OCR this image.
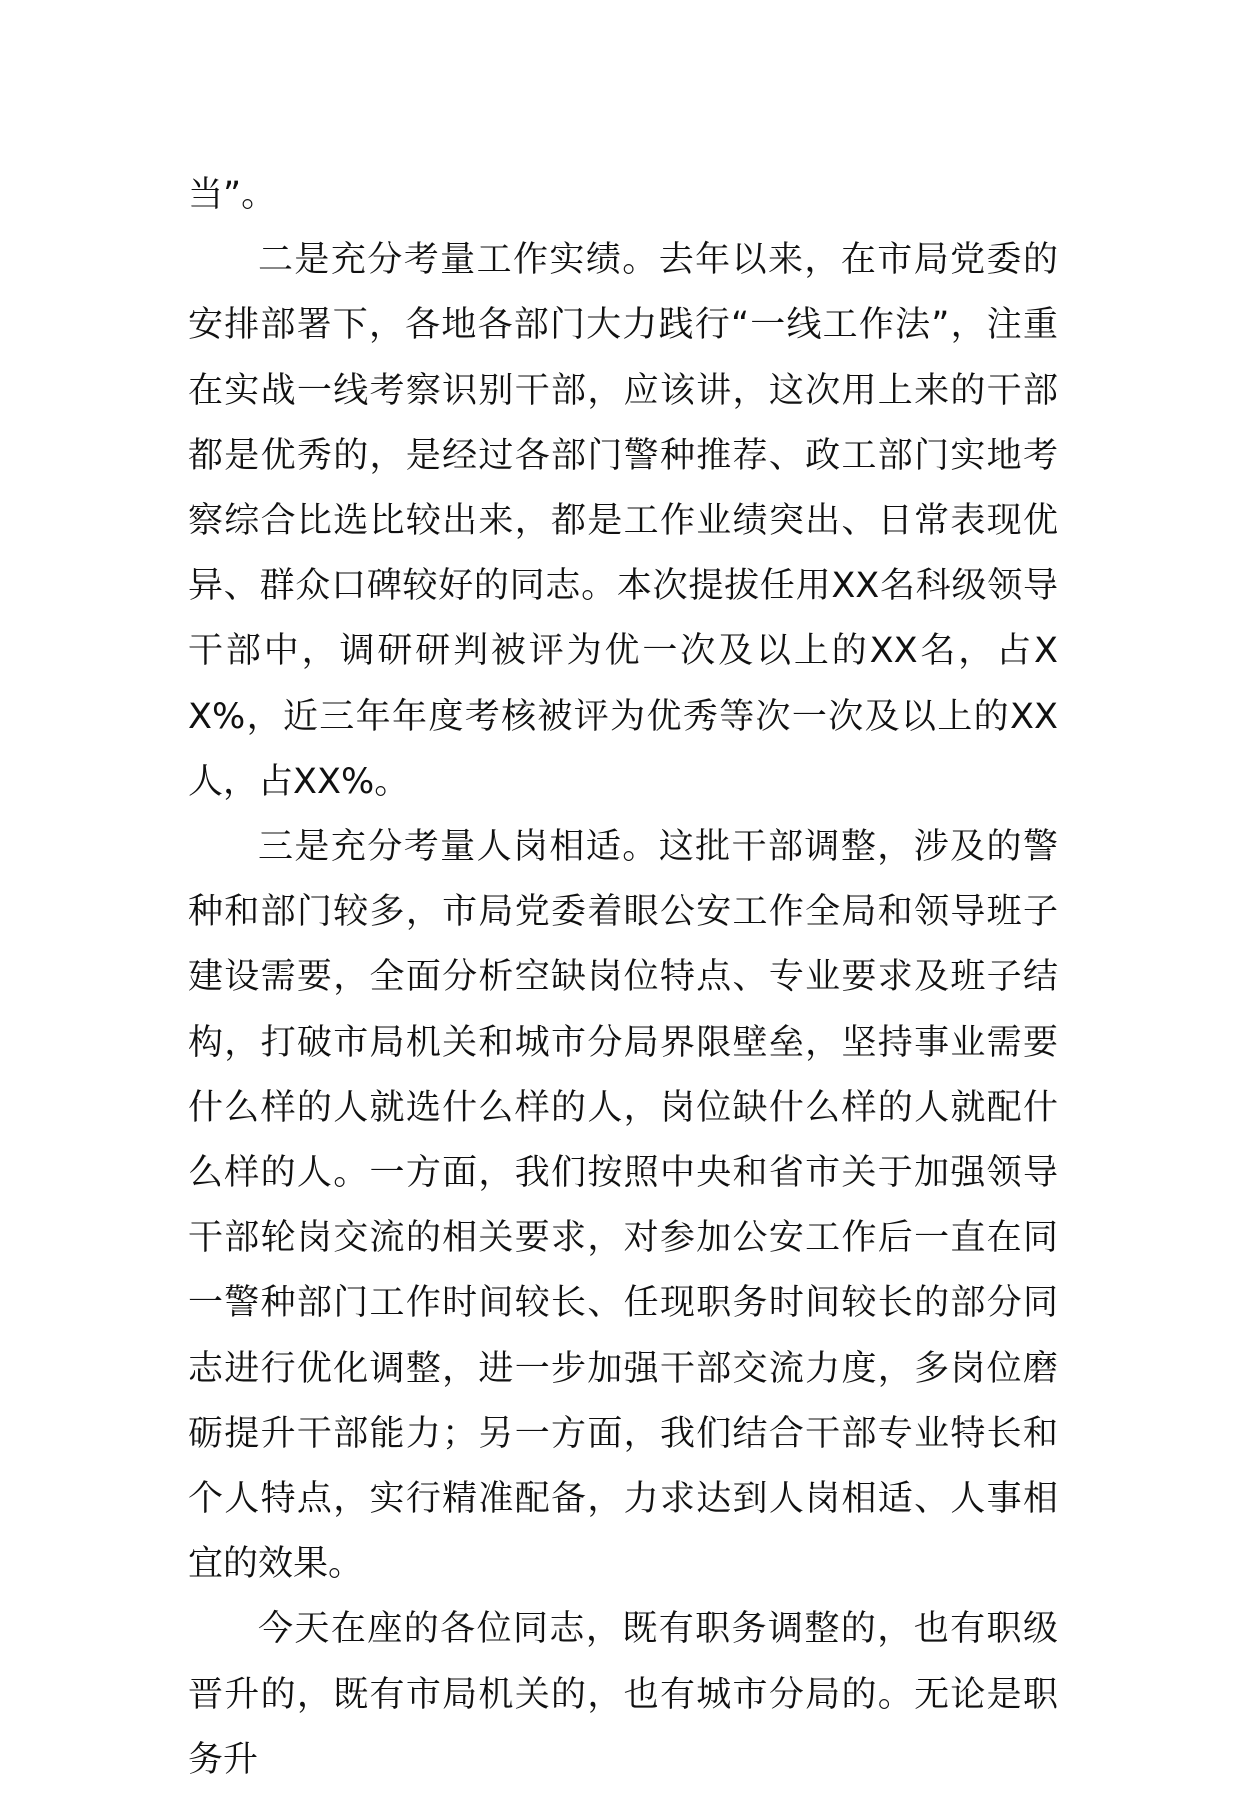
当”。

二是充分考量工作实绩。去年以来，在市局党委的安排部署下，各地各部门大力践行“一线工作法”，注重在实战一线考察识别干部，应该讲，这次用上来的干部都是优秀的，是经过各部门警种推荐、政工部门实地考察综合比选比较出来，都是工作业绩突出、日常表现优异、群众口碑较好的同志。本次提拔任用XX名科级领导干部中，调研研判被评为优一次及以上的XX名，占XX%，近三年年度考核被评为优秀等次一次及以上的XX人，占XX%。

三是充分考量人岗相适。这批干部调整，涉及的警种和部门较多，市局党委着眼公安工作全局和领导班子建设需要，全面分析空缺岗位特点、专业要求及班子结构，打破市局机关和城市分局界限壁垒，坚持事业需要什么样的人就选什么样的人，岗位缺什么样的人就配什么样的人。一方面，我们按照中央和省市关于加强领导干部轮岗交流的相关要求，对参加公安工作后一直在同一警种部门工作时间较长、任现职务时间较长的部分同志进行优化调整，进一步加强干部交流力度，多岗位磨砺提升干部能力；另一方面，我们结合干部专业特长和个人特点，实行精准配备，力求达到人岗相适、人事相宜的效果。

今天在座的各位同志，既有职务调整的，也有职级晋升的，既有市局机关的，也有城市分局的。无论是职务升
